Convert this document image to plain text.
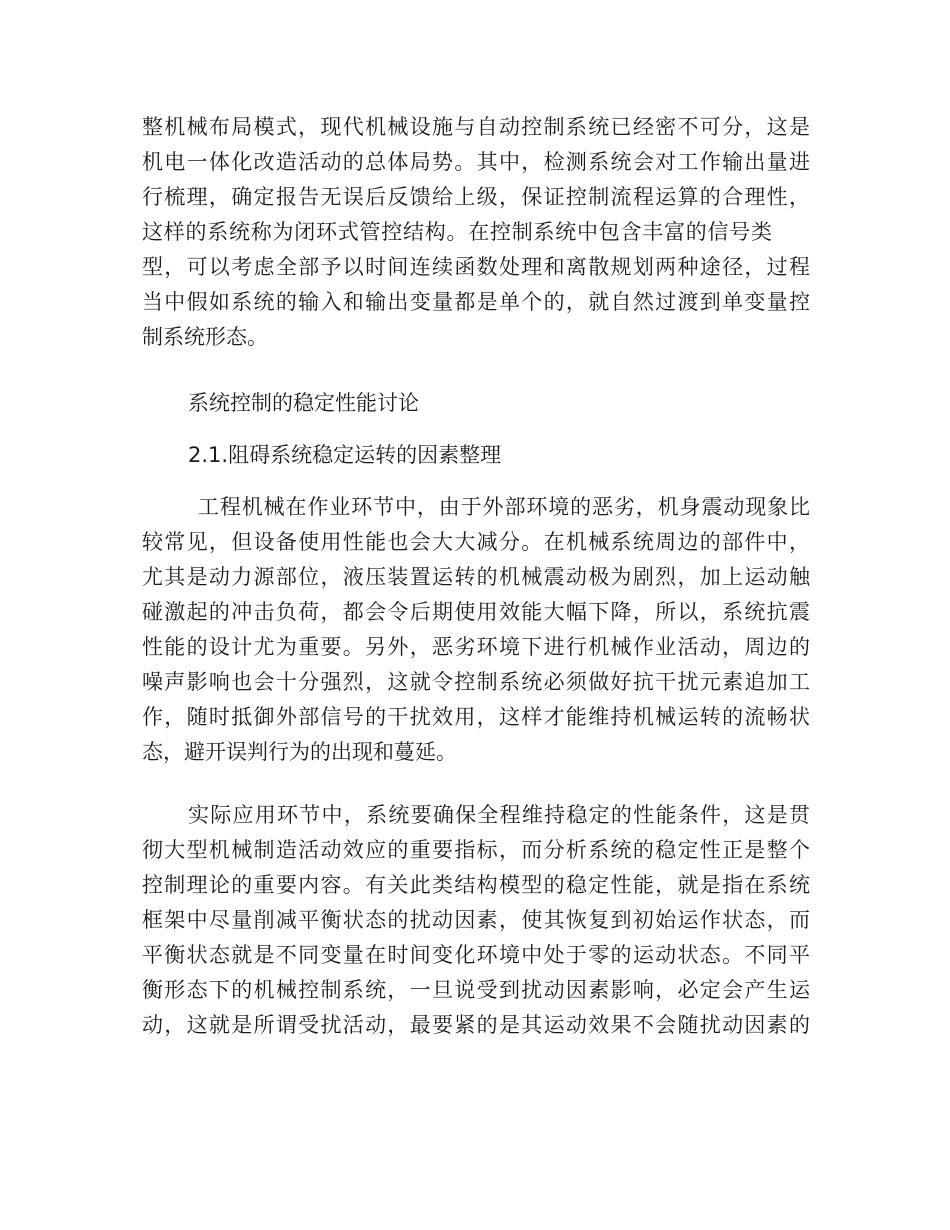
整机械布局模式，现代机械设施与自动控制系统已经密不可分，这是
机电一体化改造活动的总体局势。其中，检测系统会对工作输出量进
行梳理，确定报告无误后反馈给上级，保证控制流程运算的合理性，
这样的系统称为闭环式管控结构。在控制系统中包含丰富的信号类
型，可以考虑全部予以时间连续函数处理和离散规划两种途径，过程
当中假如系统的输入和输出变量都是单个的，就自然过渡到单变量控
制系统形态。
系统控制的稳定性能讨论
2.1.阻碍系统稳定运转的因素整理
工程机械在作业环节中，由于外部环境的恶劣，机身震动现象比
较常见，但设备使用性能也会大大减分。在机械系统周边的部件中，
尤其是动力源部位，液压装置运转的机械震动极为剧烈，加上运动触
碰激起的冲击负荷，都会令后期使用效能大幅下降，所以，系统抗震
性能的设计尤为重要。另外，恶劣环境下进行机械作业活动，周边的
噪声影响也会十分强烈，这就令控制系统必须做好抗干扰元素追加工
作，随时抵御外部信号的干扰效用，这样才能维持机械运转的流畅状
态，避开误判行为的出现和蔓延。
实际应用环节中，系统要确保全程维持稳定的性能条件，这是贯
彻大型机械制造活动效应的重要指标，而分析系统的稳定性正是整个
控制理论的重要内容。有关此类结构模型的稳定性能，就是指在系统
框架中尽量削减平衡状态的扰动因素，使其恢复到初始运作状态，而
平衡状态就是不同变量在时间变化环境中处于零的运动状态。不同平
衡形态下的机械控制系统，一旦说受到扰动因素影响，必定会产生运
动，这就是所谓受扰活动，最要紧的是其运动效果不会随扰动因素的
